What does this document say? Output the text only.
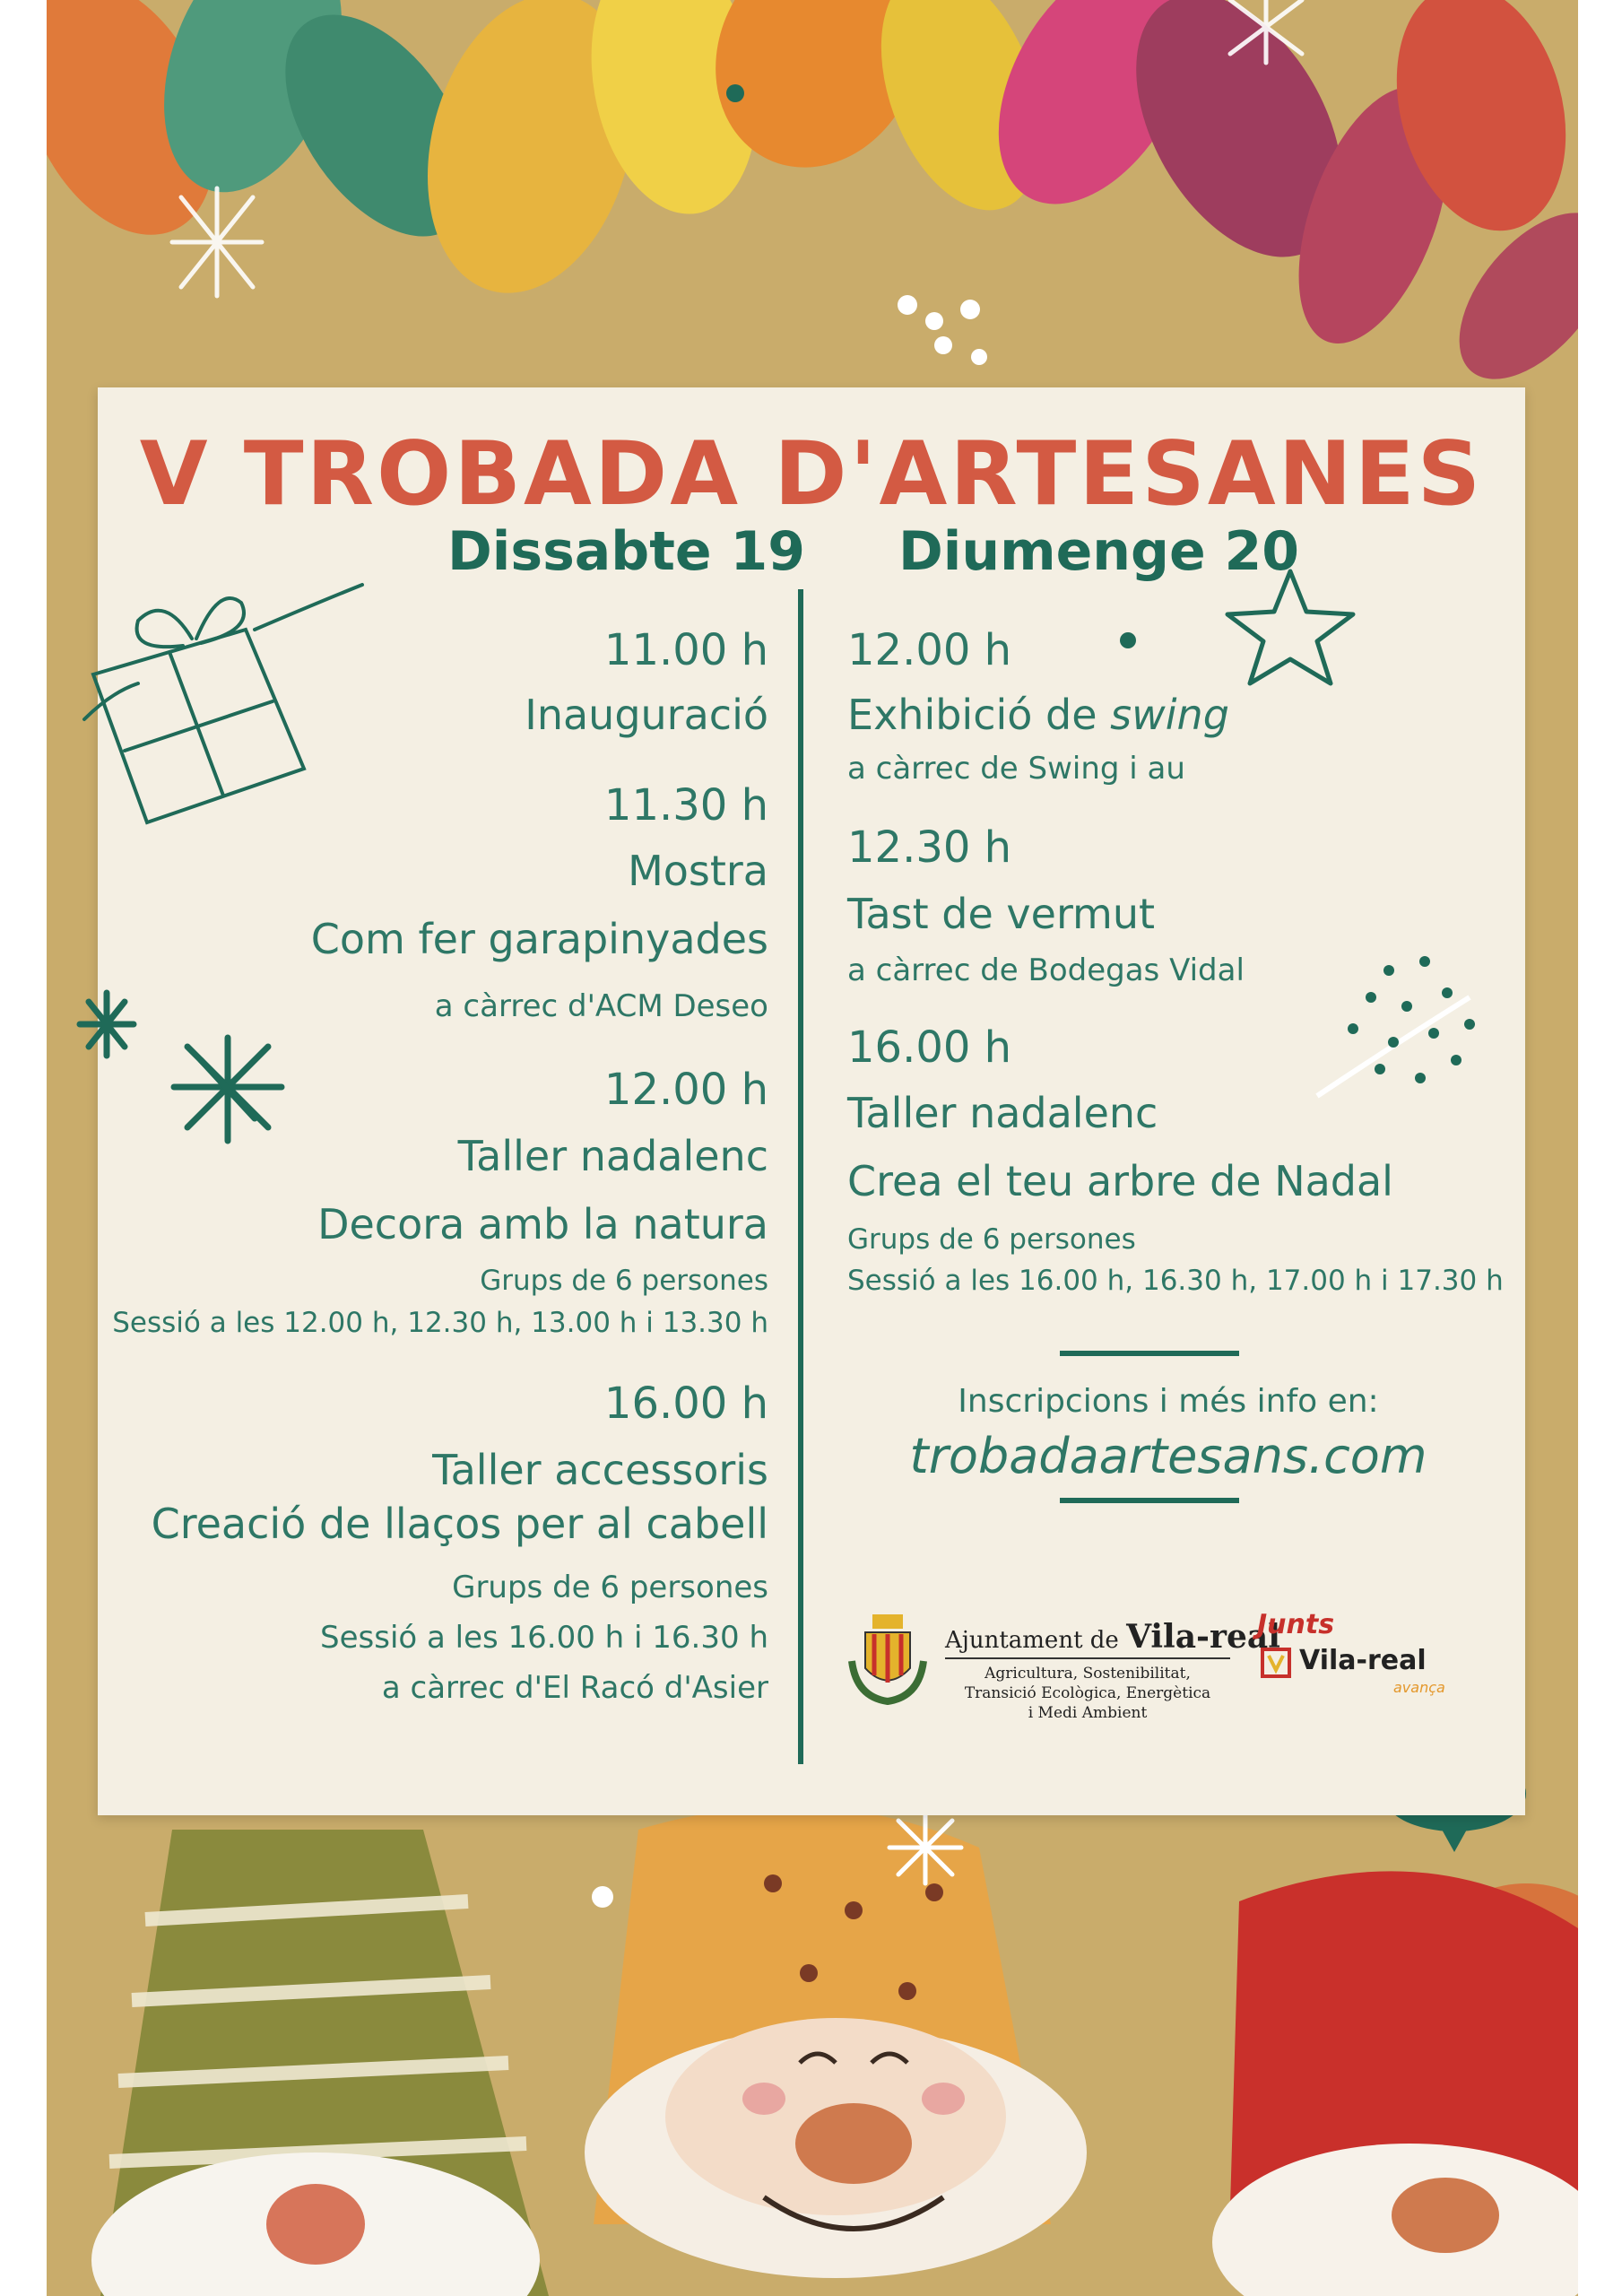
V TROBADA D'ARTESANES
Dissabte 19 Diumenge 20
11.00 h
Inauguració
11.30 h
Mostra
Com fer garapinyades
a càrrec d'ACM Deseo
12.00 h
Taller nadalenc
Decora amb la natura
Grups de 6 persones
Sessió a les 12.00 h, 12.30 h, 13.00 h i 13.30 h
16.00 h
Taller accessoris
Creació de llaços per al cabell
Grups de 6 persones
Sessió a les 16.00 h i 16.30 h
a càrrec d'El Racó d'Asier
12.00 h
Exhibició de swing
a càrrec de Swing i au
12.30 h
Tast de vermut
a càrrec de Bodegas Vidal
16.00 h
Taller nadalenc
Crea el teu arbre de Nadal
Grups de 6 persones
Sessió a les 16.00 h, 16.30 h, 17.00 h i 17.30 h
Inscripcions i més info en:
trobadaartesans.com
Ajuntament de Vila-real
Agricultura, Sostenibilitat,
Transició Ecològica, Energètica
i Medi Ambient
Junts
Vila-real
avança
